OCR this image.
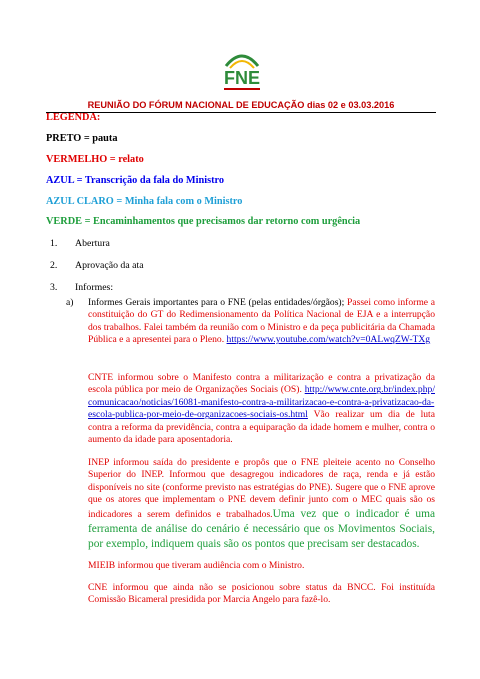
FNE
REUNIÃO DO FÓRUM NACIONAL DE EDUCAÇÃO dias 02 e 03.03.2016
LEGENDA:
PRETO = pauta
VERMELHO = relato
AZUL = Transcrição da fala do Ministro
AZUL CLARO = Minha fala com o Ministro
VERDE = Encaminhamentos que precisamos dar retorno com urgência
1. Abertura
2. Aprovação da ata
3. Informes:
a) Informes Gerais importantes para o FNE (pelas entidades/órgãos); Passei como informe a constituição do GT do Redimensionamento da Política Nacional de EJA e a interrupção dos trabalhos. Falei também da reunião com o Ministro e da peça publicitária da Chamada Pública e a apresentei para o Pleno. https://www.youtube.com/watch?v=0ALwqZW-TXg
CNTE informou sobre o Manifesto contra a militarização e contra a privatização da escola pública por meio de Organizações Sociais (OS). http://www.cnte.org.br/index.php/comunicacao/noticias/16081-manifesto-contra-a-militarizacao-e-contra-a-privatizacao-da-escola-publica-por-meio-de-organizacoes-sociais-os.html Vão realizar um dia de luta contra a reforma da previdência, contra a equiparação da idade homem e mulher, contra o aumento da idade para aposentadoria.
INEP informou saída do presidente e propôs que o FNE pleiteie acento no Conselho Superior do INEP. Informou que desagregou indicadores de raça, renda e já estão disponíveis no site (conforme previsto nas estratégias do PNE). Sugere que o FNE aprove que os atores que implementam o PNE devem definir junto com o MEC quais são os indicadores a serem definidos e trabalhados.Uma vez que o indicador é uma ferramenta de análise do cenário é necessário que os Movimentos Sociais, por exemplo, indiquem quais são os pontos que precisam ser destacados.
MIEIB informou que tiveram audiência com o Ministro.
CNE informou que ainda não se posicionou sobre status da BNCC. Foi instituída Comissão Bicameral presidida por Marcia Angelo para fazê-lo.
